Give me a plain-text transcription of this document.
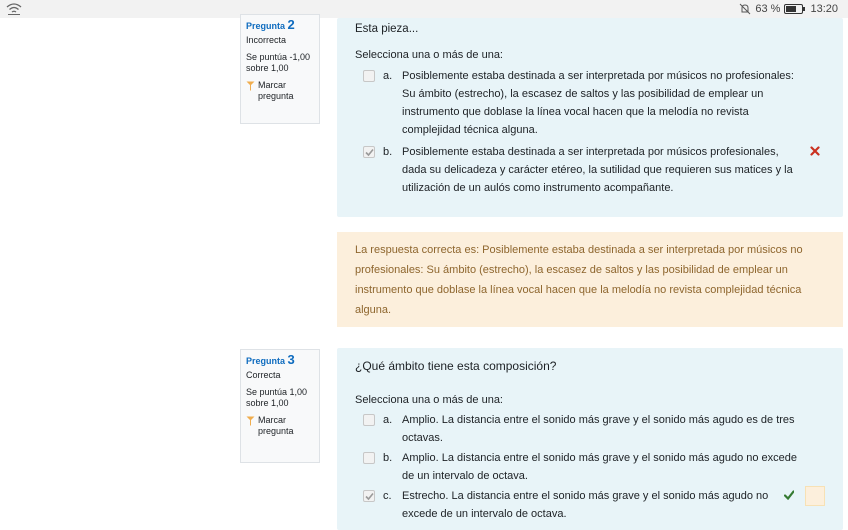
63 %	13:20
Pregunta 2
Incorrecta
Se puntúa -1,00 sobre 1,00
Marcar pregunta
Esta pieza...
Selecciona una o más de una:
a. Posiblemente estaba destinada a ser interpretada por músicos no profesionales: Su ámbito (estrecho), la escasez de saltos y las posibilidad de emplear un instrumento que doblase la línea vocal hacen que la melodía no revista complejidad técnica alguna.
b. Posiblemente estaba destinada a ser interpretada por músicos profesionales, dada su delicadeza y carácter etéreo, la sutilidad que requieren sus matices y la utilización de un aulós como instrumento acompañante.
La respuesta correcta es: Posiblemente estaba destinada a ser interpretada por músicos no profesionales: Su ámbito (estrecho), la escasez de saltos y las posibilidad de emplear un instrumento que doblase la línea vocal hacen que la melodía no revista complejidad técnica alguna.
Pregunta 3
Correcta
Se puntúa 1,00 sobre 1,00
Marcar pregunta
¿Qué ámbito tiene esta composición?
Selecciona una o más de una:
a. Amplio. La distancia entre el sonido más grave y el sonido más agudo es de tres octavas.
b. Amplio. La distancia entre el sonido más grave y el sonido más agudo no excede de un intervalo de octava.
c. Estrecho. La distancia entre el sonido más grave y el sonido más agudo no excede de un intervalo de octava.
